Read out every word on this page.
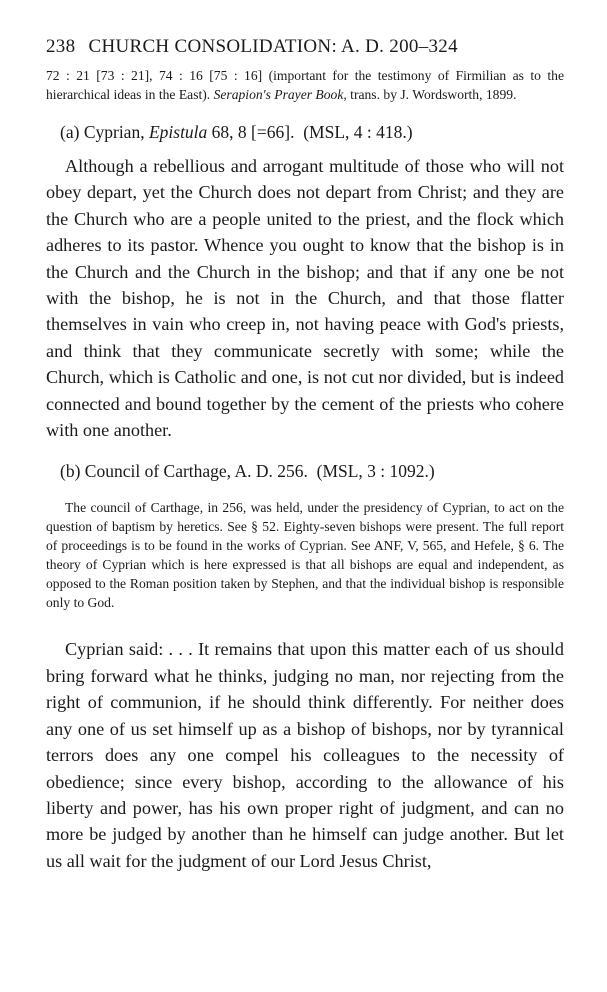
238 CHURCH CONSOLIDATION: A. D. 200–324

72 : 21 [73 : 21], 74 : 16 [75 : 16] (important for the testimony of Firmilian as to the hierarchical ideas in the East). Serapion's Prayer Book, trans. by J. Wordsworth, 1899.

(a) Cyprian, Epistula 68, 8 [=66]. (MSL, 4 : 418.)

Although a rebellious and arrogant multitude of those who will not obey depart, yet the Church does not depart from Christ; and they are the Church who are a people united to the priest, and the flock which adheres to its pastor. Whence you ought to know that the bishop is in the Church and the Church in the bishop; and that if any one be not with the bishop, he is not in the Church, and that those flatter themselves in vain who creep in, not having peace with God's priests, and think that they communicate secretly with some; while the Church, which is Catholic and one, is not cut nor divided, but is indeed connected and bound together by the cement of the priests who cohere with one another.

(b) Council of Carthage, A. D. 256. (MSL, 3 : 1092.)

The council of Carthage, in 256, was held, under the presidency of Cyprian, to act on the question of baptism by heretics. See § 52. Eighty-seven bishops were present. The full report of proceedings is to be found in the works of Cyprian. See ANF, V, 565, and Hefele, § 6. The theory of Cyprian which is here expressed is that all bishops are equal and independent, as opposed to the Roman position taken by Stephen, and that the individual bishop is responsible only to God.

Cyprian said: . . . It remains that upon this matter each of us should bring forward what he thinks, judging no man, nor rejecting from the right of communion, if he should think differently. For neither does any one of us set himself up as a bishop of bishops, nor by tyrannical terrors does any one compel his colleagues to the necessity of obedience; since every bishop, according to the allowance of his liberty and power, has his own proper right of judgment, and can no more be judged by another than he himself can judge another. But let us all wait for the judgment of our Lord Jesus Christ,
